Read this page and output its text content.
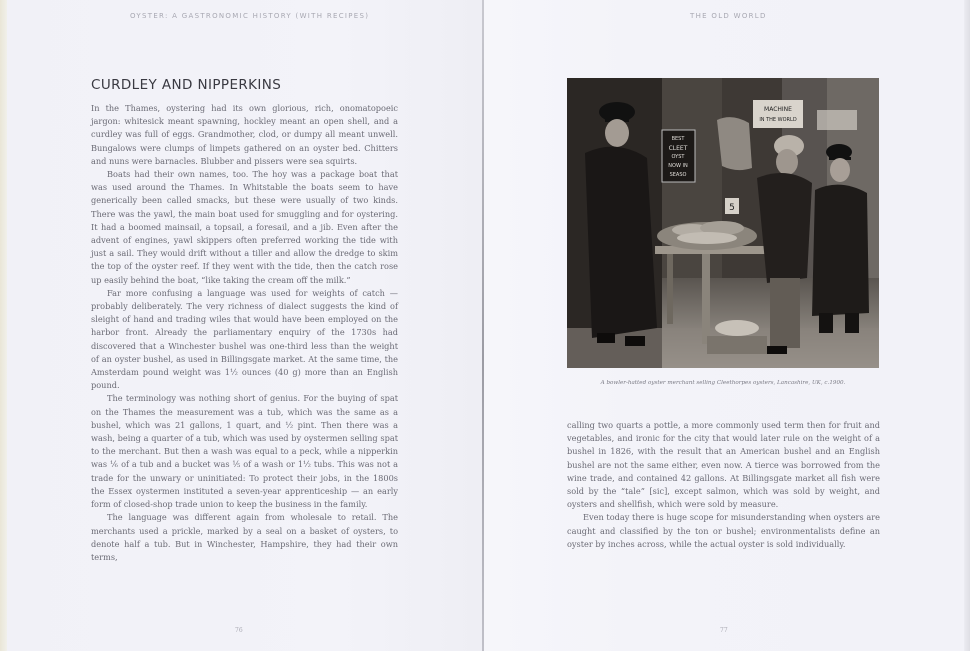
OYSTER: A GASTRONOMIC HISTORY (WITH RECIPES)	THE OLD WORLD
CURDLEY AND NIPPERKINS

In the Thames, oystering had its own glorious, rich, onomatopoeic jargon: whitesick meant spawning, hockley meant an open shell, and a curdley was full of eggs. Grandmother, clod, or dumpy all meant unwell. Bungalows were clumps of limpets gathered on an oyster bed. Chitters and nuns were barnacles. Blubber and pissers were sea squirts.

Boats had their own names, too. The hoy was a package boat that was used around the Thames. In Whitstable the boats seem to have generically been called smacks, but these were usually of two kinds. There was the yawl, the main boat used for smuggling and for oystering. It had a boomed mainsail, a topsail, a foresail, and a jib. Even after the advent of engines, yawl skippers often preferred working the tide with just a sail. They would drift without a tiller and allow the dredge to skim the top of the oyster reef. If they went with the tide, then the catch rose up easily behind the boat, “like taking the cream off the milk.”

Far more confusing a language was used for weights of catch — probably deliberately. The very richness of dialect suggests the kind of sleight of hand and trading wiles that would have been employed on the harbor front. Already the parliamentary enquiry of the 1730s had discovered that a Winchester bushel was one-third less than the weight of an oyster bushel, as used in Billingsgate market. At the same time, the Amsterdam pound weight was 1½ ounces (40 g) more than an English pound.

The terminology was nothing short of genius. For the buying of spat on the Thames the measurement was a tub, which was the same as a bushel, which was 21 gallons, 1 quart, and ½ pint. Then there was a wash, being a quarter of a tub, which was used by oystermen selling spat to the merchant. But then a wash was equal to a peck, while a nipperkin was ⅙ of a tub and a bucket was ⅕ of a wash or 1½ tubs. This was not a trade for the unwary or uninitiated: To protect their jobs, in the 1800s the Essex oystermen instituted a seven-year apprenticeship — an early form of closed-shop trade union to keep the business in the family.

The language was different again from wholesale to retail. The merchants used a prickle, marked by a seal on a basket of oysters, to denote half a tub. But in Winchester, Hampshire, they had their own terms,

MACHINE
IN THE WORLD
BEST
CLEET
OYST
NOW IN
SEASO
5
A bowler-hatted oyster merchant selling Cleethorpes oysters, Lancashire, UK, c.1900.

calling two quarts a pottle, a more commonly used term then for fruit and vegetables, and ironic for the city that would later rule on the weight of a bushel in 1826, with the result that an American bushel and an English bushel are not the same either, even now. A tierce was borrowed from the wine trade, and contained 42 gallons. At Billingsgate market all fish were sold by the “tale” [sic], except salmon, which was sold by weight, and oysters and shellfish, which were sold by measure.

Even today there is huge scope for misunderstanding when oysters are caught and classified by the ton or bushel; environmentalists define an oyster by inches across, while the actual oyster is sold individually.

76	77
